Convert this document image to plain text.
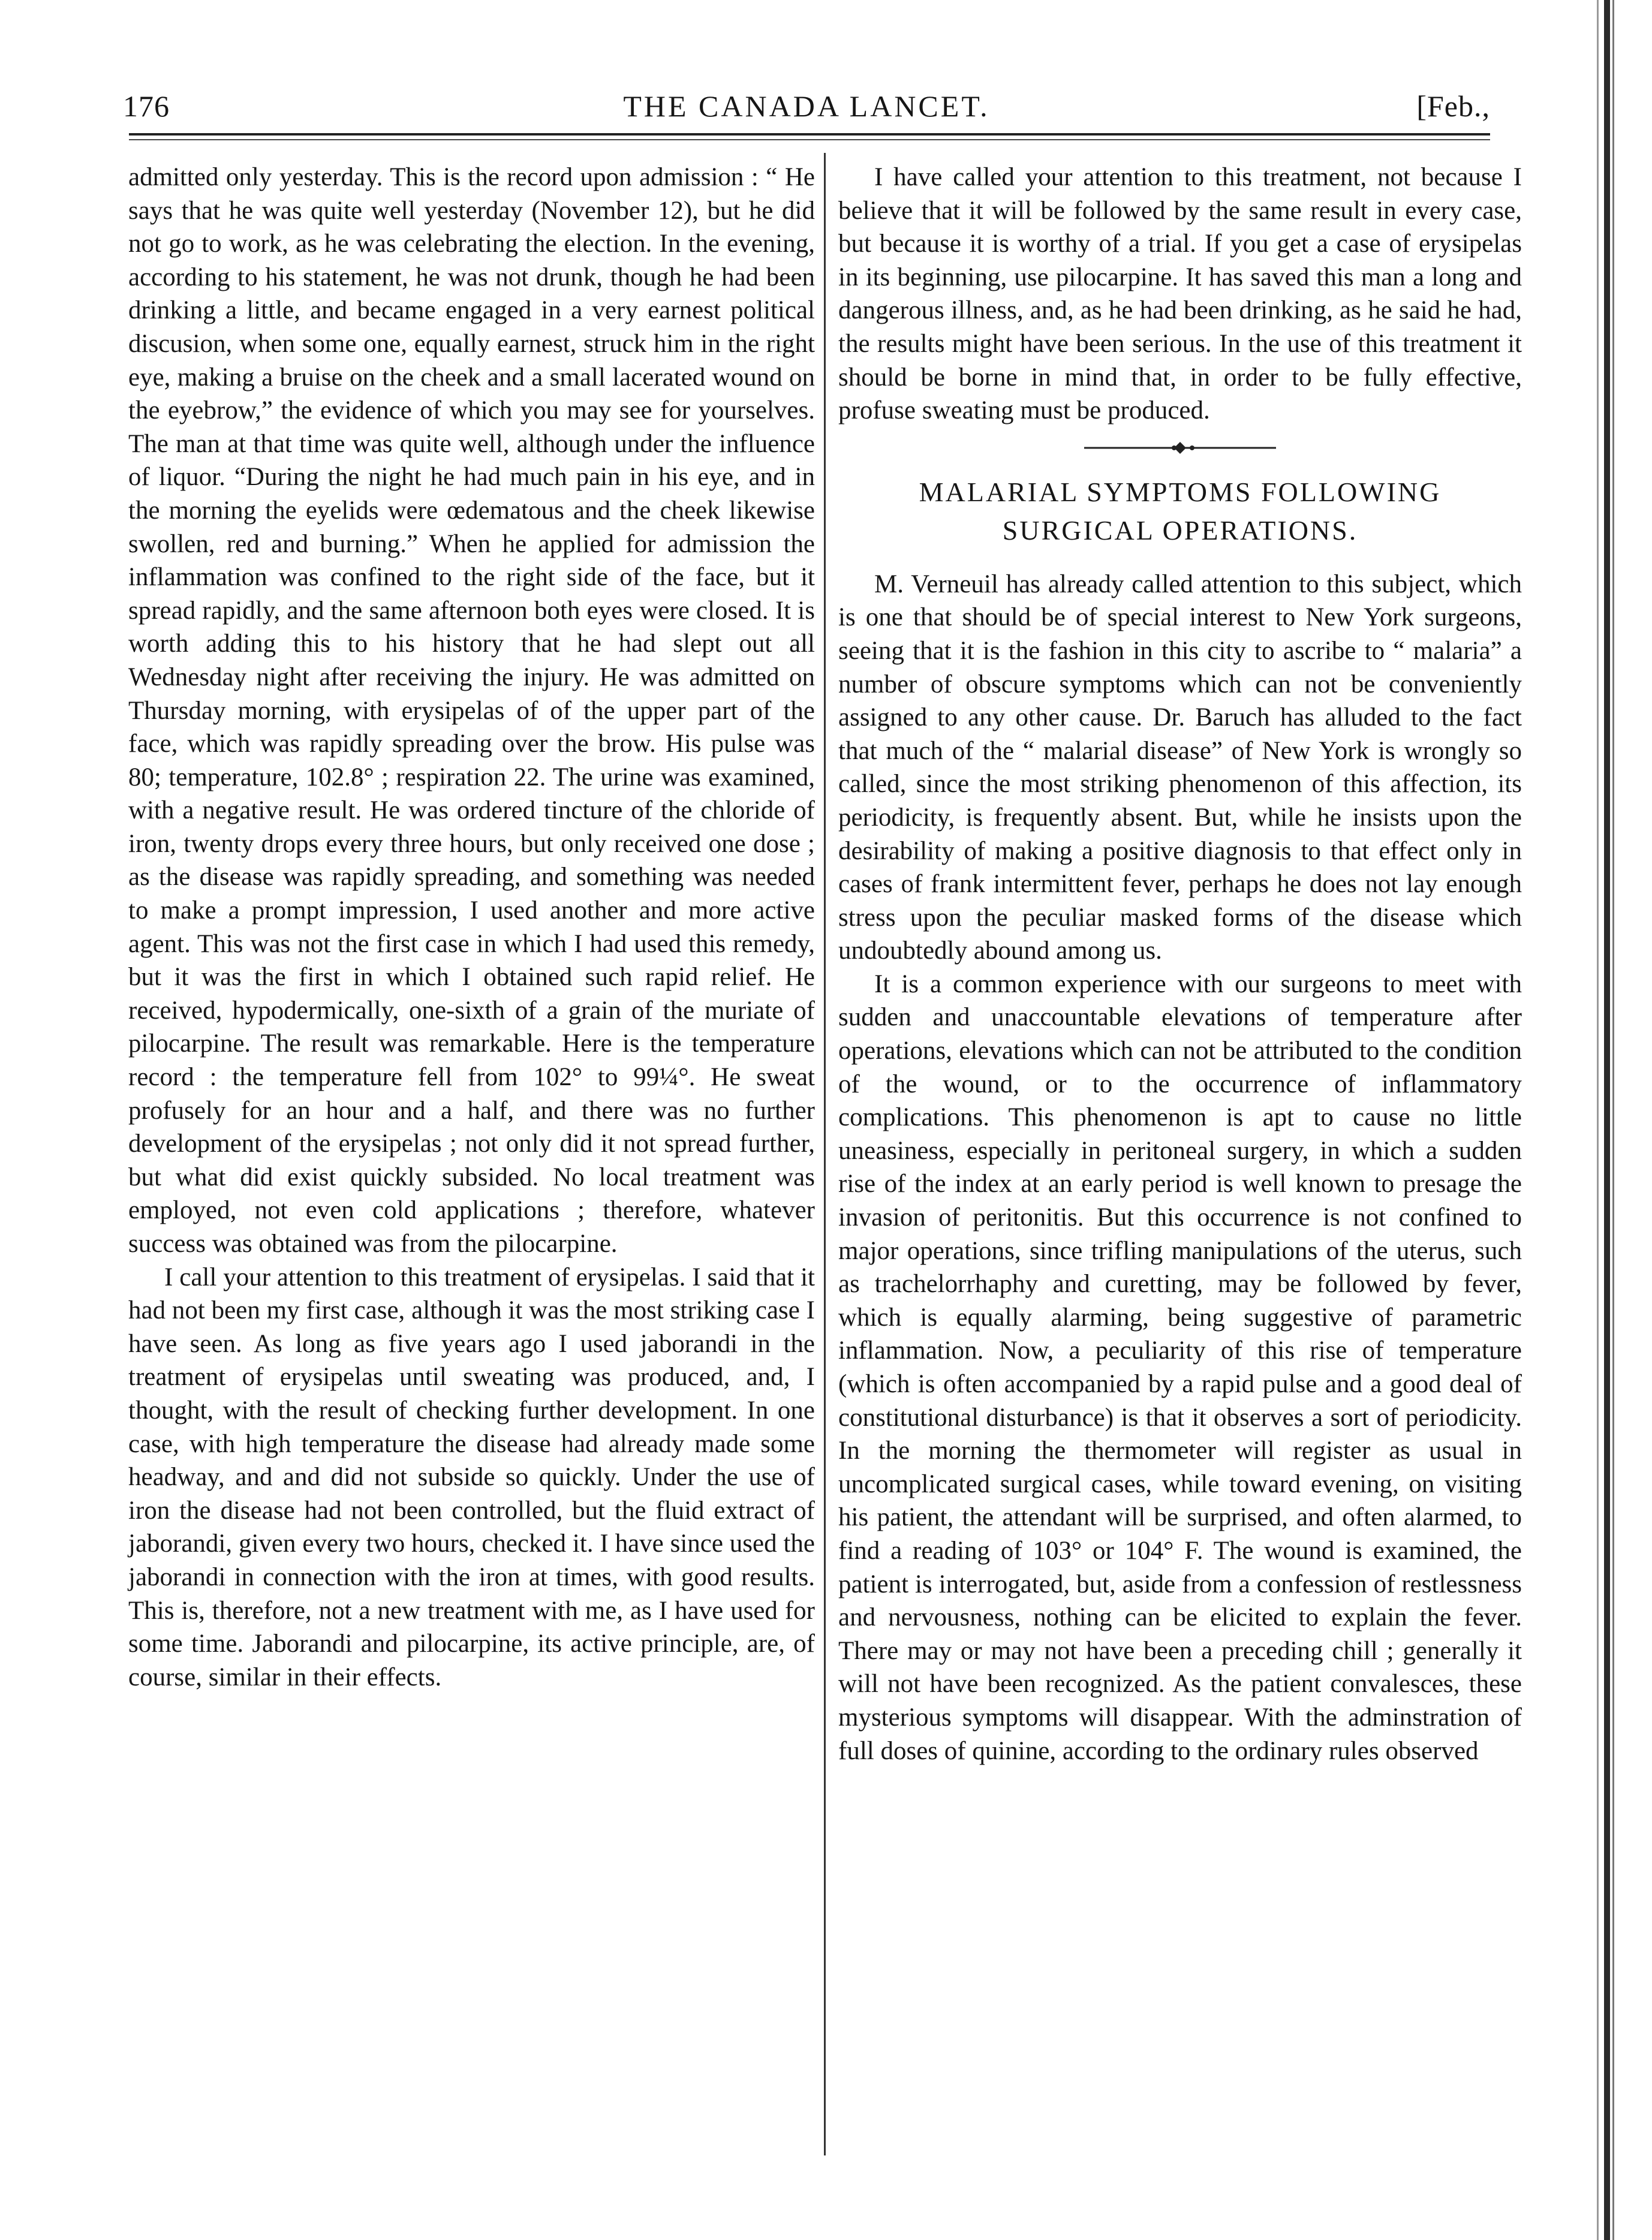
176	THE CANADA LANCET.	[Feb.,

admitted only yesterday. This is the record upon admission : “ He says that he was quite well yesterday (November 12), but he did not go to work, as he was celebrating the election. In the evening, according to his statement, he was not drunk, though he had been drinking a little, and became engaged in a very earnest political discusion, when some one, equally earnest, struck him in the right eye, making a bruise on the cheek and a small lacerated wound on the eyebrow,” the evidence of which you may see for yourselves. The man at that time was quite well, although under the influence of liquor. “During the night he had much pain in his eye, and in the morning the eyelids were œdematous and the cheek likewise swollen, red and burning.” When he applied for admission the inflammation was confined to the right side of the face, but it spread rapidly, and the same afternoon both eyes were closed. It is worth adding this to his history that he had slept out all Wednesday night after receiving the injury. He was admitted on Thursday morning, with erysipelas of of the upper part of the face, which was rapidly spreading over the brow. His pulse was 80; temperature, 102.8° ; respiration 22. The urine was examined, with a negative result. He was ordered tincture of the chloride of iron, twenty drops every three hours, but only received one dose ; as the disease was rapidly spreading, and something was needed to make a prompt impression, I used another and more active agent. This was not the first case in which I had used this remedy, but it was the first in which I obtained such rapid relief. He received, hypodermically, one-sixth of a grain of the muriate of pilocarpine. The result was remarkable. Here is the temperature record : the temperature fell from 102° to 99¼°. He sweat profusely for an hour and a half, and there was no further development of the erysipelas ; not only did it not spread further, but what did exist quickly subsided. No local treatment was employed, not even cold applications ; therefore, whatever success was obtained was from the pilocarpine.

I call your attention to this treatment of erysipelas. I said that it had not been my first case, although it was the most striking case I have seen. As long as five years ago I used jaborandi in the treatment of erysipelas until sweating was produced, and, I thought, with the result of checking further development. In one case, with high temperature the disease had already made some headway, and and did not subside so quickly. Under the use of iron the disease had not been controlled, but the fluid extract of jaborandi, given every two hours, checked it. I have since used the jaborandi in connection with the iron at times, with good results. This is, therefore, not a new treatment with me, as I have used for some time. Jaborandi and pilocarpine, its active principle, are, of course, similar in their effects.

I have called your attention to this treatment, not because I believe that it will be followed by the same result in every case, but because it is worthy of a trial. If you get a case of erysipelas in its beginning, use pilocarpine. It has saved this man a long and dangerous illness, and, as he had been drinking, as he said he had, the results might have been serious. In the use of this treatment it should be borne in mind that, in order to be fully effective, profuse sweating must be produced.

MALARIAL SYMPTOMS FOLLOWING
SURGICAL OPERATIONS.

M. Verneuil has already called attention to this subject, which is one that should be of special interest to New York surgeons, seeing that it is the fashion in this city to ascribe to “ malaria” a number of obscure symptoms which can not be conveniently assigned to any other cause. Dr. Baruch has alluded to the fact that much of the “ malarial disease” of New York is wrongly so called, since the most striking phenomenon of this affection, its periodicity, is frequently absent. But, while he insists upon the desirability of making a positive diagnosis to that effect only in cases of frank intermittent fever, perhaps he does not lay enough stress upon the peculiar masked forms of the disease which undoubtedly abound among us.

It is a common experience with our surgeons to meet with sudden and unaccountable elevations of temperature after operations, elevations which can not be attributed to the condition of the wound, or to the occurrence of inflammatory complications. This phenomenon is apt to cause no little uneasiness, especially in peritoneal surgery, in which a sudden rise of the index at an early period is well known to presage the invasion of peritonitis. But this occurrence is not confined to major operations, since trifling manipulations of the uterus, such as trachelorrhaphy and curetting, may be followed by fever, which is equally alarming, being suggestive of parametric inflammation. Now, a peculiarity of this rise of temperature (which is often accompanied by a rapid pulse and a good deal of constitutional disturbance) is that it observes a sort of periodicity. In the morning the thermometer will register as usual in uncomplicated surgical cases, while toward evening, on visiting his patient, the attendant will be surprised, and often alarmed, to find a reading of 103° or 104° F. The wound is examined, the patient is interrogated, but, aside from a confession of restlessness and nervousness, nothing can be elicited to explain the fever. There may or may not have been a preceding chill ; generally it will not have been recognized. As the patient convalesces, these mysterious symptoms will disappear. With the adminstration of full doses of quinine, according to the ordinary rules observed
